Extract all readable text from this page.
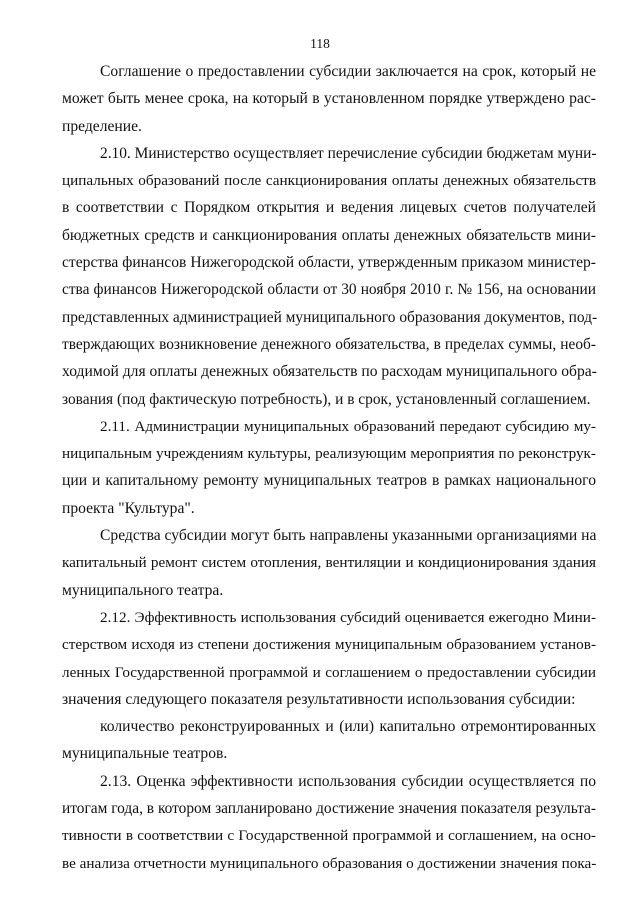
118
Соглашение о предоставлении субсидии заключается на срок, который не
может быть менее срока, на который в установленном порядке утверждено рас-
пределение.
2.10. Министерство осуществляет перечисление субсидии бюджетам муни-
ципальных образований после санкционирования оплаты денежных обязательств
в соответствии с Порядком открытия и ведения лицевых счетов получателей
бюджетных средств и санкционирования оплаты денежных обязательств мини-
стерства финансов Нижегородской области, утвержденным приказом министер-
ства финансов Нижегородской области от 30 ноября 2010 г. № 156, на основании
представленных администрацией муниципального образования документов, под-
тверждающих возникновение денежного обязательства, в пределах суммы, необ-
ходимой для оплаты денежных обязательств по расходам муниципального обра-
зования (под фактическую потребность), и в срок, установленный соглашением.
2.11. Администрации муниципальных образований передают субсидию му-
ниципальным учреждениям культуры, реализующим мероприятия по реконструк-
ции и капитальному ремонту муниципальных театров в рамках национального
проекта "Культура".
Средства субсидии могут быть направлены указанными организациями на
капитальный ремонт систем отопления, вентиляции и кондиционирования здания
муниципального театра.
2.12. Эффективность использования субсидий оценивается ежегодно Мини-
стерством исходя из степени достижения муниципальным образованием установ-
ленных Государственной программой и соглашением о предоставлении субсидии
значения следующего показателя результативности использования субсидии:
количество реконструированных и (или) капитально отремонтированных
муниципальные театров.
2.13. Оценка эффективности использования субсидии осуществляется по
итогам года, в котором запланировано достижение значения показателя результа-
тивности в соответствии с Государственной программой и соглашением, на осно-
ве анализа отчетности муниципального образования о достижении значения пока-
